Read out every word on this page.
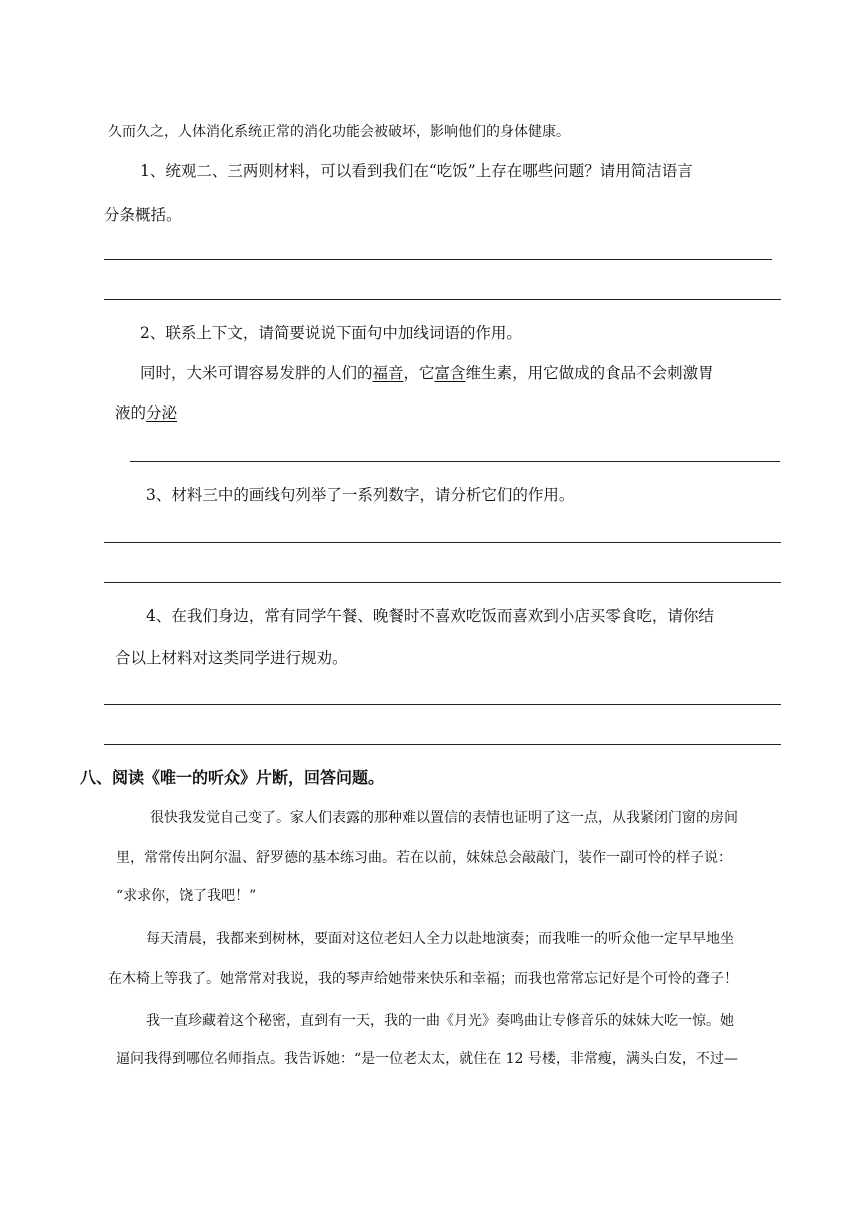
久而久之，人体消化系统正常的消化功能会被破坏，影响他们的身体健康。
1、统观二、三两则材料，可以看到我们在“吃饭”上存在哪些问题？请用简洁语言
分条概括。
2、联系上下文，请简要说说下面句中加线词语的作用。
同时，大米可谓容易发胖的人们的福音，它富含维生素，用它做成的食品不会刺激胃
液的分泌
3、材料三中的画线句列举了一系列数字，请分析它们的作用。
4、在我们身边，常有同学午餐、晚餐时不喜欢吃饭而喜欢到小店买零食吃，请你结
合以上材料对这类同学进行规劝。
八、阅读《唯一的听众》片断，回答问题。
很快我发觉自己变了。家人们表露的那种难以置信的表情也证明了这一点，从我紧闭门窗的房间
里，常常传出阿尔温、舒罗德的基本练习曲。若在以前，妹妹总会敲敲门，装作一副可怜的样子说：
“求求你，饶了我吧！”
每天清晨，我都来到树林，要面对这位老妇人全力以赴地演奏；而我唯一的听众他一定早早地坐
在木椅上等我了。她常常对我说，我的琴声给她带来快乐和幸福；而我也常常忘记好是个可怜的聋子！
我一直珍藏着这个秘密，直到有一天，我的一曲《月光》奏鸣曲让专修音乐的妹妹大吃一惊。她
逼问我得到哪位名师指点。我告诉她：“是一位老太太，就住在 12 号楼，非常瘦，满头白发，不过—
